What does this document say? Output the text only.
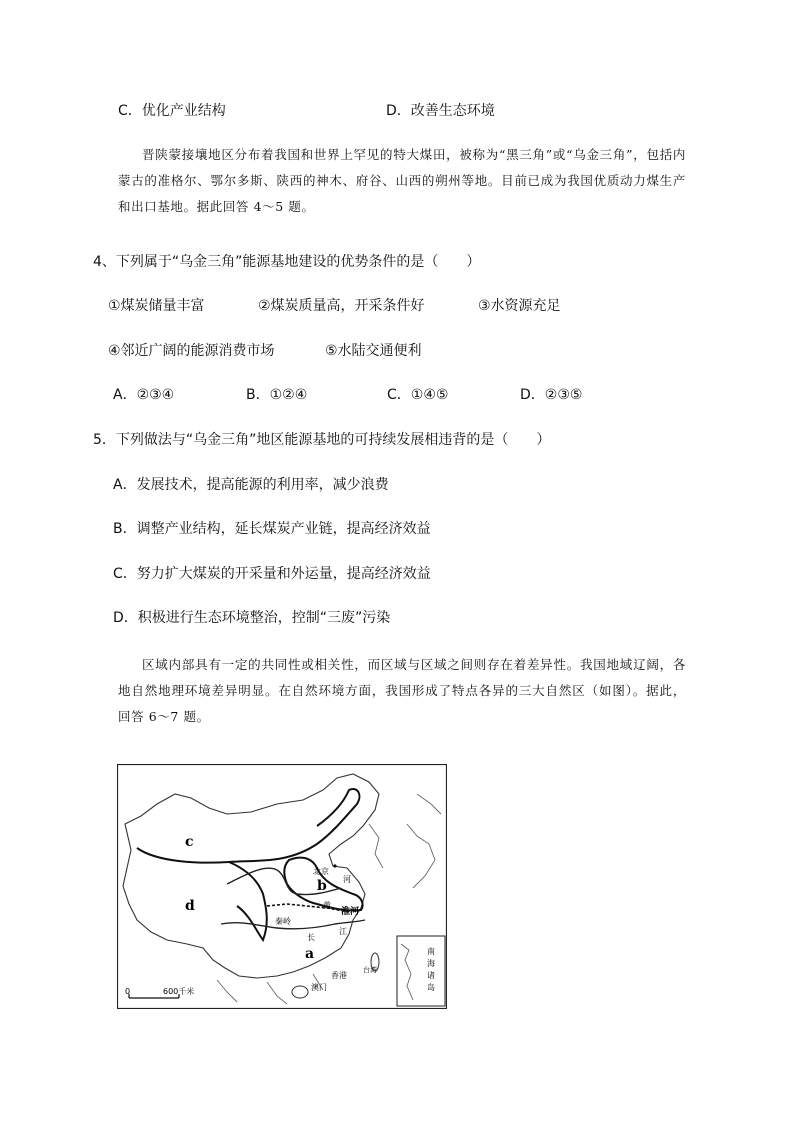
C．优化产业结构	D．改善生态环境
晋陕蒙接壤地区分布着我国和世界上罕见的特大煤田，被称为“黑三角”或“乌金三角”，包括内蒙古的准格尔、鄂尔多斯、陕西的神木、府谷、山西的朔州等地。目前已成为我国优质动力煤生产和出口基地。据此回答 4～5 题。
4、下列属于“乌金三角”能源基地建设的优势条件的是（　　）
①煤炭储量丰富	②煤炭质量高，开采条件好	③水资源充足
④邻近广阔的能源消费市场	⑤水陆交通便利
A．②③④	B．①②④	C．①④⑤	D．②③⑤
5．下列做法与“乌金三角”地区能源基地的可持续发展相违背的是（　　）
A．发展技术，提高能源的利用率，减少浪费
B．调整产业结构，延长煤炭产业链，提高经济效益
C．努力扩大煤炭的开采量和外运量，提高经济效益
D．积极进行生态环境整治，控制“三废”污染
区域内部具有一定的共同性或相关性，而区域与区域之间则存在着差异性。我国地域辽阔，各地自然地理环境差异明显。在自然环境方面，我国形成了特点各异的三大自然区（如图）。据此，回答 6～7 题。
c
d
b
a
北京
秦岭
淮河
黄
河
长
江
香港
澳门
台湾
南
海
诸
岛
0	600千米
